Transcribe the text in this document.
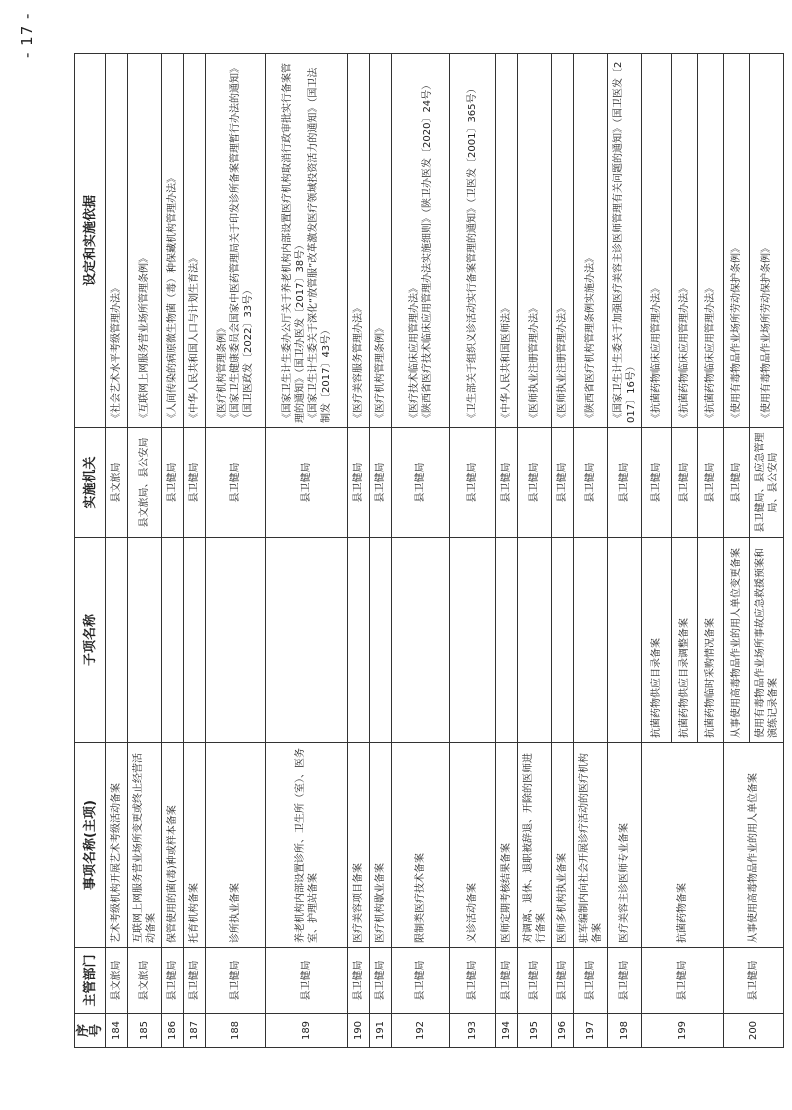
- 17 -
序号	主管部门	事项名称(主项)	子项名称	实施机关	设定和实施依据
184	县文旅局	艺术考级机构开展艺术考级活动备案		县文旅局	《社会艺术水平考级管理办法》

185	县文旅局	互联网上网服务营业场所变更或终止经营活动备案		县文旅局、县公安局	《互联网上网服务营业场所管理条例》

186	县卫健局	保管使用的菌(毒)种或样本备案		县卫健局	《人间传染的病原微生物菌（毒）种保藏机构管理办法》

187	县卫健局	托育机构备案		县卫健局	《中华人民共和国人口与计划生育法》

188	县卫健局	诊所执业备案		县卫健局	《医疗机构管理条例》 《国家卫生健康委员会国家中医药管理局关于印发诊所备案管理暂行办法的通知》（国卫医政发〔2022〕33号）

189	县卫健局	养老机构内部设置诊所、卫生所（室）、医务室、护理站备案		县卫健局	《国家卫生计生委办公厅关于养老机构内部设置医疗机构取消行政审批实行备案管理的通知》（国卫办医发〔2017〕38号） 《国家卫生计生委关于深化“放管服”改革激发医疗领域投资活力的通知》（国卫法制发〔2017〕43号）

190	县卫健局	医疗美容项目备案		县卫健局	《医疗美容服务管理办法》

191	县卫健局	医疗机构歇业备案		县卫健局	《医疗机构管理条例》

192	县卫健局	限制类医疗技术备案		县卫健局	《医疗技术临床应用管理办法》 《陕西省医疗技术临床应用管理办法实施细则》（陕卫办医发〔2020〕24号）

193	县卫健局	义诊活动备案		县卫健局	《卫生部关于组织义诊活动实行备案管理的通知》（卫医发〔2001〕365号）

194	县卫健局	医师定期考核结果备案		县卫健局	《中华人民共和国医师法》

195	县卫健局	对调离、退休、退职被辞退、开除的医师进行备案		县卫健局	《医师执业注册管理办法》

196	县卫健局	医师多机构执业备案		县卫健局	《医师执业注册管理办法》

197	县卫健局	驻军编制内向社会开展诊疗活动的医疗机构备案		县卫健局	《陕西省医疗机构管理条例实施办法》

198	县卫健局	医疗美容主诊医师专业备案		县卫健局	《国家卫生计生委关于加强医疗美容主诊医师管理有关问题的通知》（国卫医发〔2017〕16号）

199	县卫健局	抗菌药物备案	抗菌药物供应目录备案	县卫健局	《抗菌药物临床应用管理办法》

			抗菌药物供应目录调整备案	县卫健局	《抗菌药物临床应用管理办法》

			抗菌药物临时采购情况备案	县卫健局	《抗菌药物临床应用管理办法》

200	县卫健局	从事使用高毒物品作业的用人单位备案	从事使用高毒物品作业的用人单位变更备案	县卫健局	《使用有毒物品作业场所劳动保护条例》

			使用有毒物品作业场所事故应急救援预案和演练记录备案	县卫健局、县应急管理局、县公安局	《使用有毒物品作业场所劳动保护条例》
